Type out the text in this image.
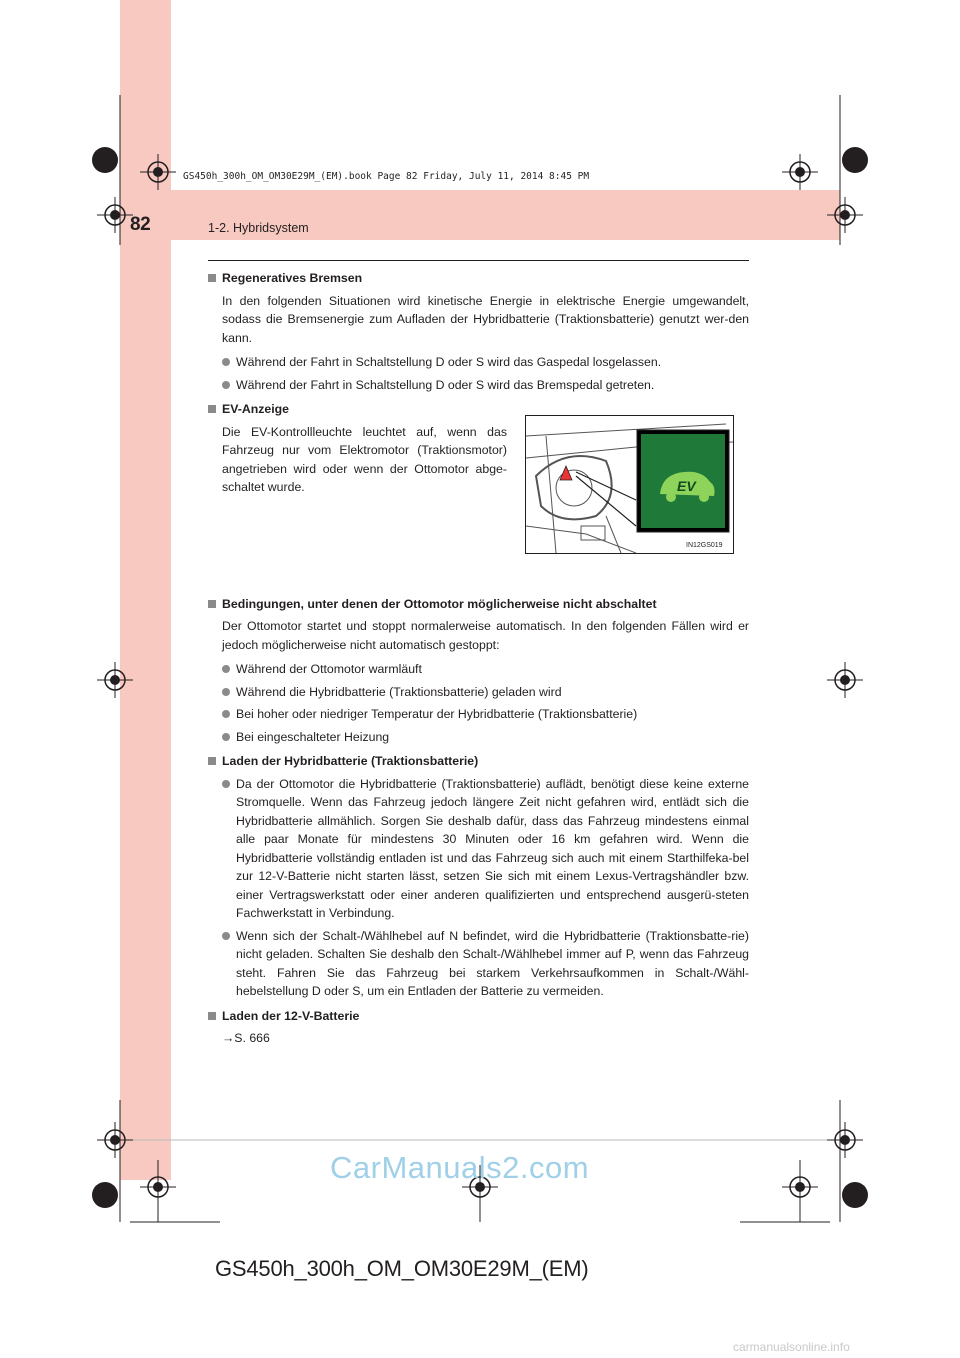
GS450h_300h_OM_OM30E29M_(EM).book Page 82 Friday, July 11, 2014 8:45 PM
82	1-2. Hybridsystem
Regeneratives Bremsen
In den folgenden Situationen wird kinetische Energie in elektrische Energie umgewandelt, sodass die Bremsenergie zum Aufladen der Hybridbatterie (Traktionsbatterie) genutzt wer-den kann.
Während der Fahrt in Schaltstellung D oder S wird das Gaspedal losgelassen.
Während der Fahrt in Schaltstellung D oder S wird das Bremspedal getreten.
EV-Anzeige
Die EV-Kontrollleuchte leuchtet auf, wenn das Fahrzeug nur vom Elektromotor (Traktionsmotor) angetrieben wird oder wenn der Ottomotor abge-schaltet wurde.	EV
IN12GS019
Bedingungen, unter denen der Ottomotor möglicherweise nicht abschaltet
Der Ottomotor startet und stoppt normalerweise automatisch. In den folgenden Fällen wird er jedoch möglicherweise nicht automatisch gestoppt:
Während der Ottomotor warmläuft
Während die Hybridbatterie (Traktionsbatterie) geladen wird
Bei hoher oder niedriger Temperatur der Hybridbatterie (Traktionsbatterie)
Bei eingeschalteter Heizung
Laden der Hybridbatterie (Traktionsbatterie)
Da der Ottomotor die Hybridbatterie (Traktionsbatterie) auflädt, benötigt diese keine externe Stromquelle. Wenn das Fahrzeug jedoch längere Zeit nicht gefahren wird, entlädt sich die Hybridbatterie allmählich. Sorgen Sie deshalb dafür, dass das Fahrzeug mindestens einmal alle paar Monate für mindestens 30 Minuten oder 16 km gefahren wird. Wenn die Hybridbatterie vollständig entladen ist und das Fahrzeug sich auch mit einem Starthilfeka-bel zur 12-V-Batterie nicht starten lässt, setzen Sie sich mit einem Lexus-Vertragshändler bzw. einer Vertragswerkstatt oder einer anderen qualifizierten und entsprechend ausgerü-steten Fachwerkstatt in Verbindung.
Wenn sich der Schalt-/Wählhebel auf N befindet, wird die Hybridbatterie (Traktionsbatte-rie) nicht geladen. Schalten Sie deshalb den Schalt-/Wählhebel immer auf P, wenn das Fahrzeug steht. Fahren Sie das Fahrzeug bei starkem Verkehrsaufkommen in Schalt-/Wähl-hebelstellung D oder S, um ein Entladen der Batterie zu vermeiden.
Laden der 12-V-Batterie
→S. 666
CarManuals2.com
GS450h_300h_OM_OM30E29M_(EM)
carmanualsonline.info
